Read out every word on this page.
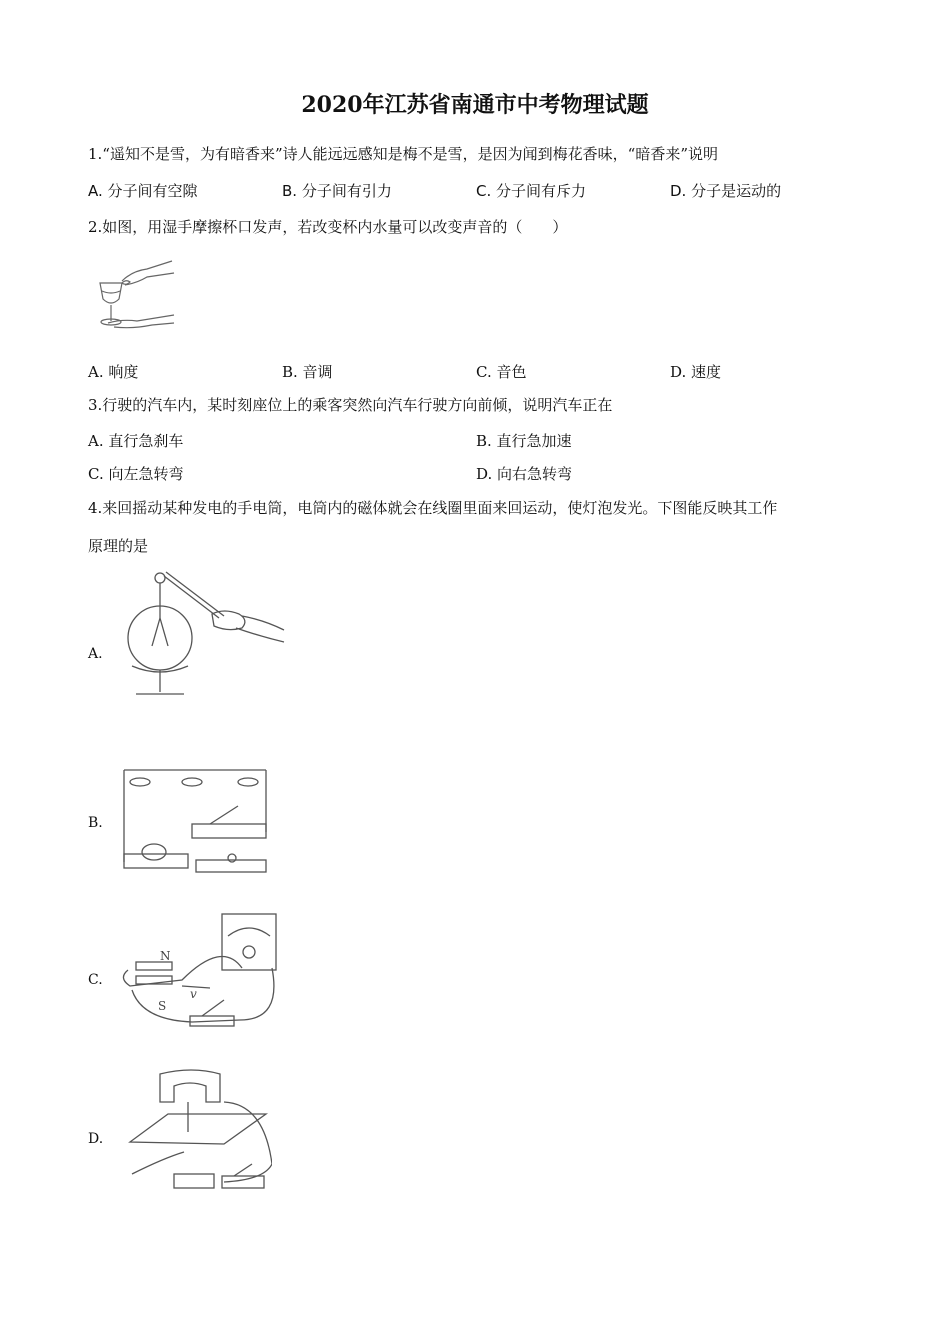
2020年江苏省南通市中考物理试题
1.“遥知不是雪，为有暗香来”诗人能远远感知是梅不是雪，是因为闻到梅花香味，“暗香来”说明
A. 分子间有空隙	B. 分子间有引力	C. 分子间有斥力	D. 分子是运动的
2.如图，用湿手摩擦杯口发声，若改变杯内水量可以改变声音的（　　）
A. 响度	B. 音调	C. 音色	D. 速度
3.行驶的汽车内，某时刻座位上的乘客突然向汽车行驶方向前倾，说明汽车正在
A. 直行急刹车	B. 直行急加速
C. 向左急转弯	D. 向右急转弯
4.来回摇动某种发电的手电筒，电筒内的磁体就会在线圈里面来回运动，使灯泡发光。下图能反映其工作
原理的是
A.
B.
C.
N
S
v
D.
